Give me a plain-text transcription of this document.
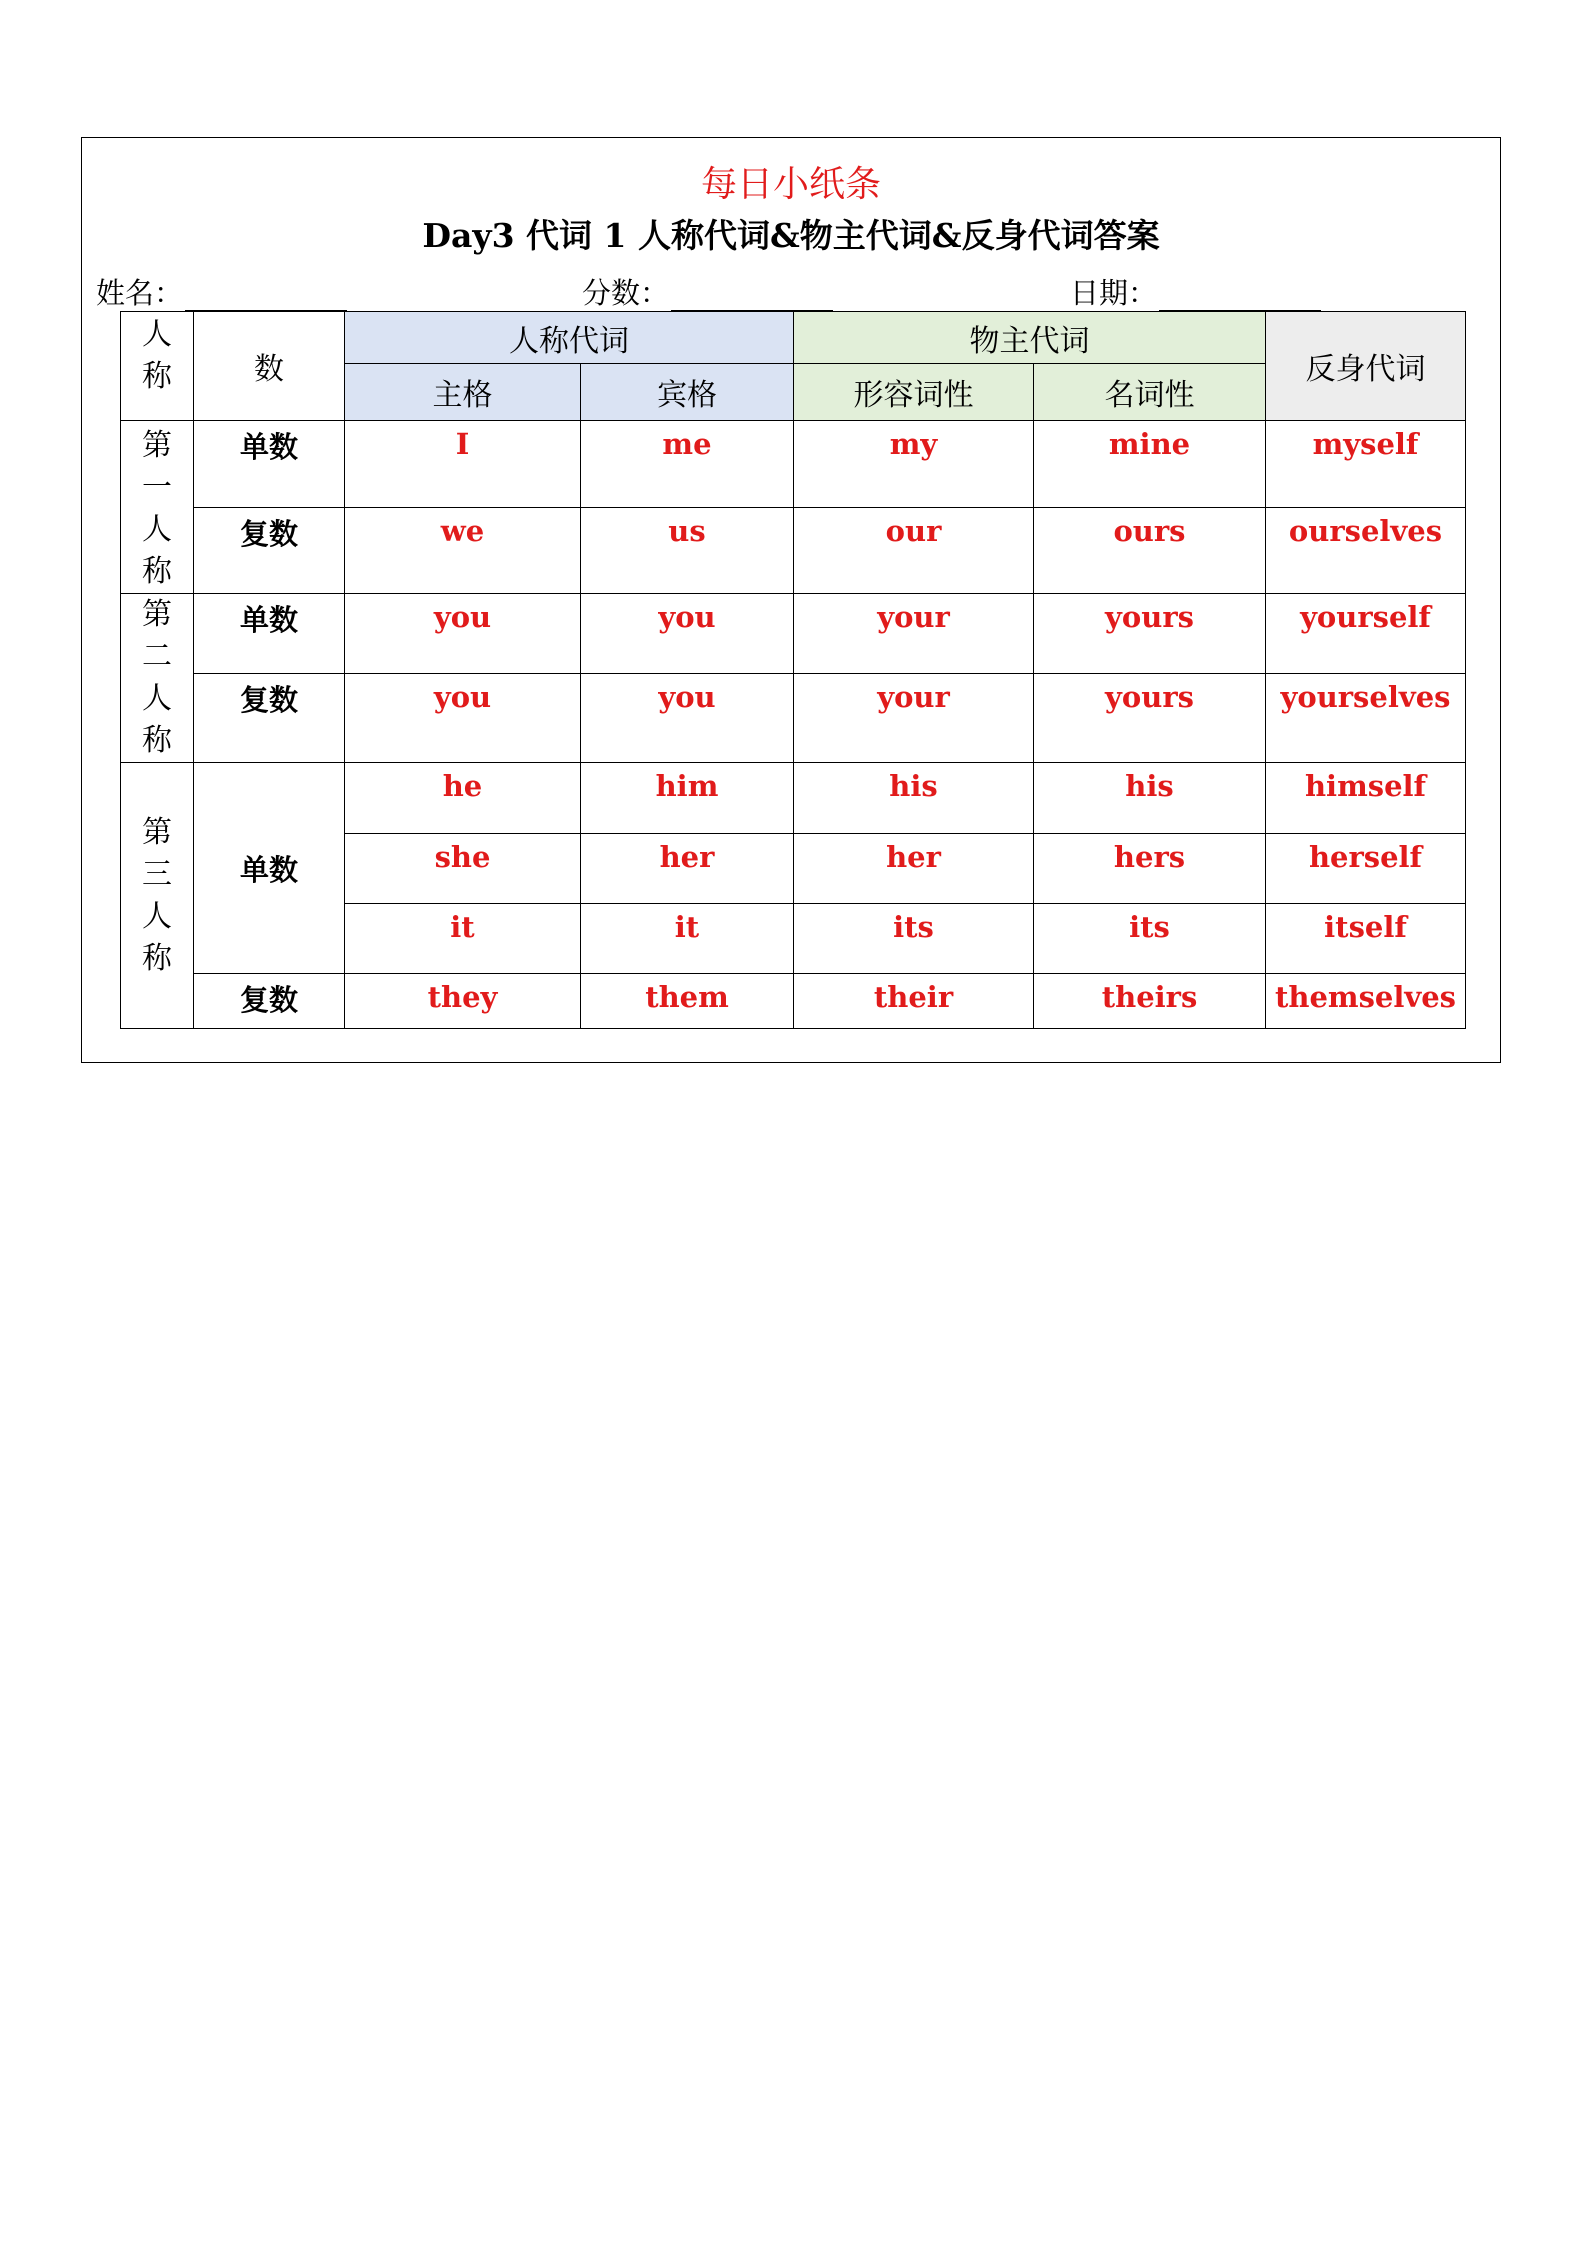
每日小纸条
Day3 代词 1 人称代词&物主代词&反身代词答案
姓名：	分数：	日期：
人
称	数	人称代词		物主代词		反身代词
		主格	宾格	形容词性	名词性	

第
一
人
称	单数	I	me	my	mine	myself
	复数	we	us	our	ours	ourselves

第
二
人
称	单数	you	you	your	yours	yourself
	复数	you	you	your	yours	yourselves

第
三
人
称	单数	he	him	his	his	himself
		she	her	her	hers	herself
		it	it	its	its	itself
	复数	they	them	their	theirs	themselves
